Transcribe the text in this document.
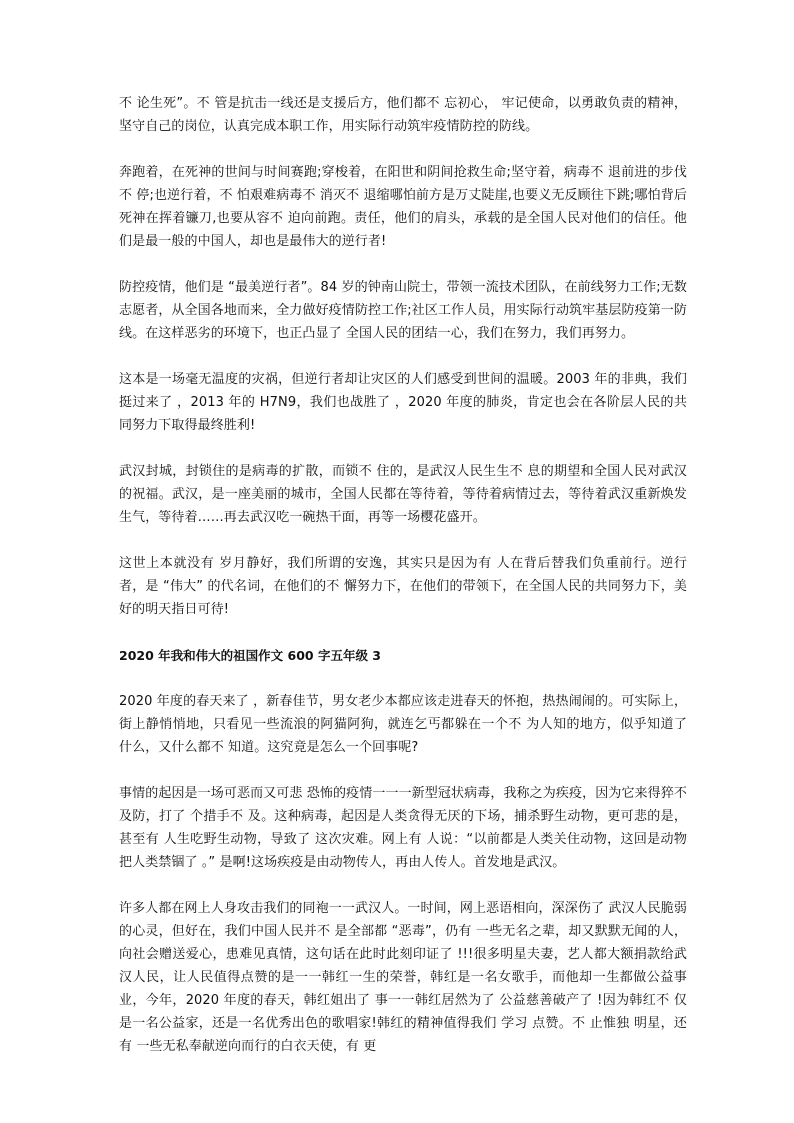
不 论生死”。不 管是抗击一线还是支援后方，他们都不 忘初心， 牢记使命，以勇敢负责的精神，坚守自己的岗位，认真完成本职工作，用实际行动筑牢疫情防控的防线。

奔跑着，在死神的世间与时间赛跑;穿梭着，在阳世和阴间抢救生命;坚守着，病毒不 退前进的步伐不 停;也逆行着，不 怕艰难病毒不 消灭不 退缩哪怕前方是万丈陡崖,也要义无反顾往下跳;哪怕背后死神在挥着镰刀,也要从容不 迫向前跑。责任，他们的肩头，承载的是全国人民对他们的信任。他们是最一般的中国人，却也是最伟大的逆行者!

防控疫情，他们是 “最美逆行者”。84 岁的钟南山院士，带领一流技术团队，在前线努力工作;无数志愿者，从全国各地而来，全力做好疫情防控工作;社区工作人员，用实际行动筑牢基层防疫第一防线。在这样恶劣的环境下，也正凸显了 全国人民的团结一心，我们在努力，我们再努力。

这本是一场毫无温度的灾祸，但逆行者却让灾区的人们感受到世间的温暖。2003 年的非典，我们挺过来了 ，2013 年的 H7N9，我们也战胜了 ，2020 年度的肺炎，肯定也会在各阶层人民的共同努力下取得最终胜利!

武汉封城，封锁住的是病毒的扩散，而锁不 住的，是武汉人民生生不 息的期望和全国人民对武汉的祝福。武汉，是一座美丽的城市，全国人民都在等待着，等待着病情过去，等待着武汉重新焕发生气，等待着……再去武汉吃一碗热干面，再等一场樱花盛开。

这世上本就没有 岁月静好，我们所谓的安逸，其实只是因为有 人在背后替我们负重前行。逆行者，是 “伟大” 的代名词，在他们的不 懈努力下，在他们的带领下，在全国人民的共同努力下，美好的明天指日可待!

2020 年我和伟大的祖国作文 600 字五年级 3

2020 年度的春天来了 ，新春佳节，男女老少本都应该走进春天的怀抱，热热闹闹的。可实际上，街上静悄悄地，只看见一些流浪的阿猫阿狗，就连乞丐都躲在一个不 为人知的地方，似乎知道了 什么，又什么都不 知道。这究竟是怎么一个回事呢?

事情的起因是一场可恶而又可悲 恐怖的疫情一一一新型冠状病毒，我称之为疾疫，因为它来得猝不 及防，打了 个措手不 及。这种病毒，起因是人类贪得无厌的下场，捕杀野生动物，更可悲的是，甚至有 人生吃野生动物，导致了 这次灾难。网上有 人说：“以前都是人类关住动物，这回是动物把人类禁锢了 。” 是啊!这场疾疫是由动物传人，再由人传人。首发地是武汉。

许多人都在网上人身攻击我们的同袍一一武汉人。一时间，网上恶语相向，深深伤了 武汉人民脆弱的心灵，但好在，我们中国人民并不 是全部都 “恶毒”，仍有 一些无名之辈，却又默默无闻的人，向社会赠送爱心，患难见真情，这句话在此时此刻印证了 !!!很多明星夫妻，艺人都大额捐款给武汉人民，让人民值得点赞的是一一韩红一生的荣誉，韩红是一名女歌手，而他却一生都做公益事业，今年，2020 年度的春天，韩红姐出了 事一一韩红居然为了 公益慈善破产了 !因为韩红不 仅是一名公益家，还是一名优秀出色的歌唱家!韩红的精神值得我们 学习 点赞。不 止惟独 明星，还有 一些无私奉献逆向而行的白衣天使，有 更
